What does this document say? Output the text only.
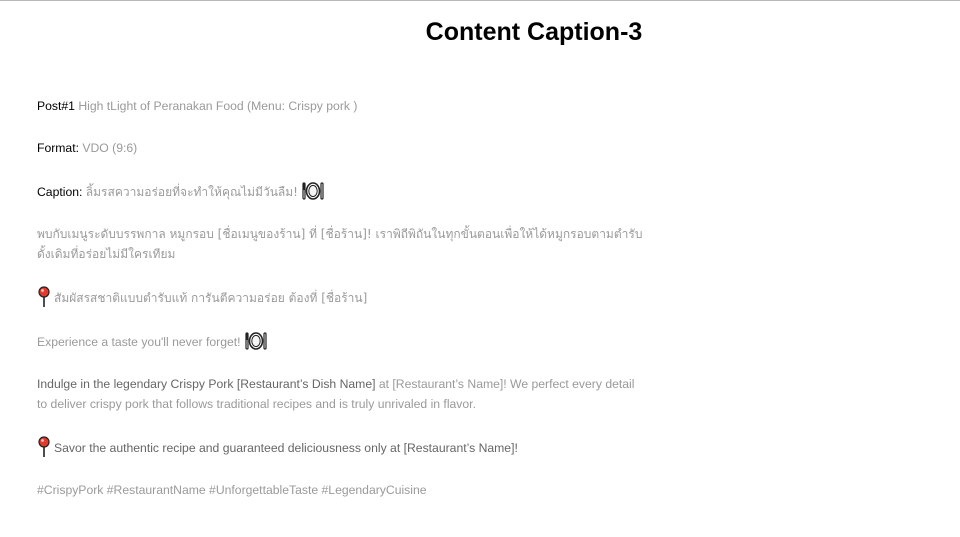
Content Caption-3

Post#1 High tLight of Peranakan Food (Menu: Crispy pork )

Format: VDO (9:6)

Caption: ลิ้มรสความอร่อยที่จะทำให้คุณไม่มีวันลืม!

พบกับเมนูระดับบรรพกาล หมูกรอบ [ชื่อเมนูของร้าน] ที่ [ชื่อร้าน]! เราพิถีพิถันในทุกขั้นตอนเพื่อให้ได้หมูกรอบตามตำรับ

ดั้งเดิมที่อร่อยไม่มีใครเทียม

สัมผัสรสชาติแบบตำรับแท้ การันตีความอร่อย ต้องที่ [ชื่อร้าน]

Experience a taste you'll never forget!

Indulge in the legendary Crispy Pork [Restaurant’s Dish Name] at [Restaurant’s Name]! We perfect every detail

to deliver crispy pork that follows traditional recipes and is truly unrivaled in flavor.

Savor the authentic recipe and guaranteed deliciousness only at [Restaurant’s Name]!

#CrispyPork #RestaurantName #UnforgettableTaste #LegendaryCuisine
